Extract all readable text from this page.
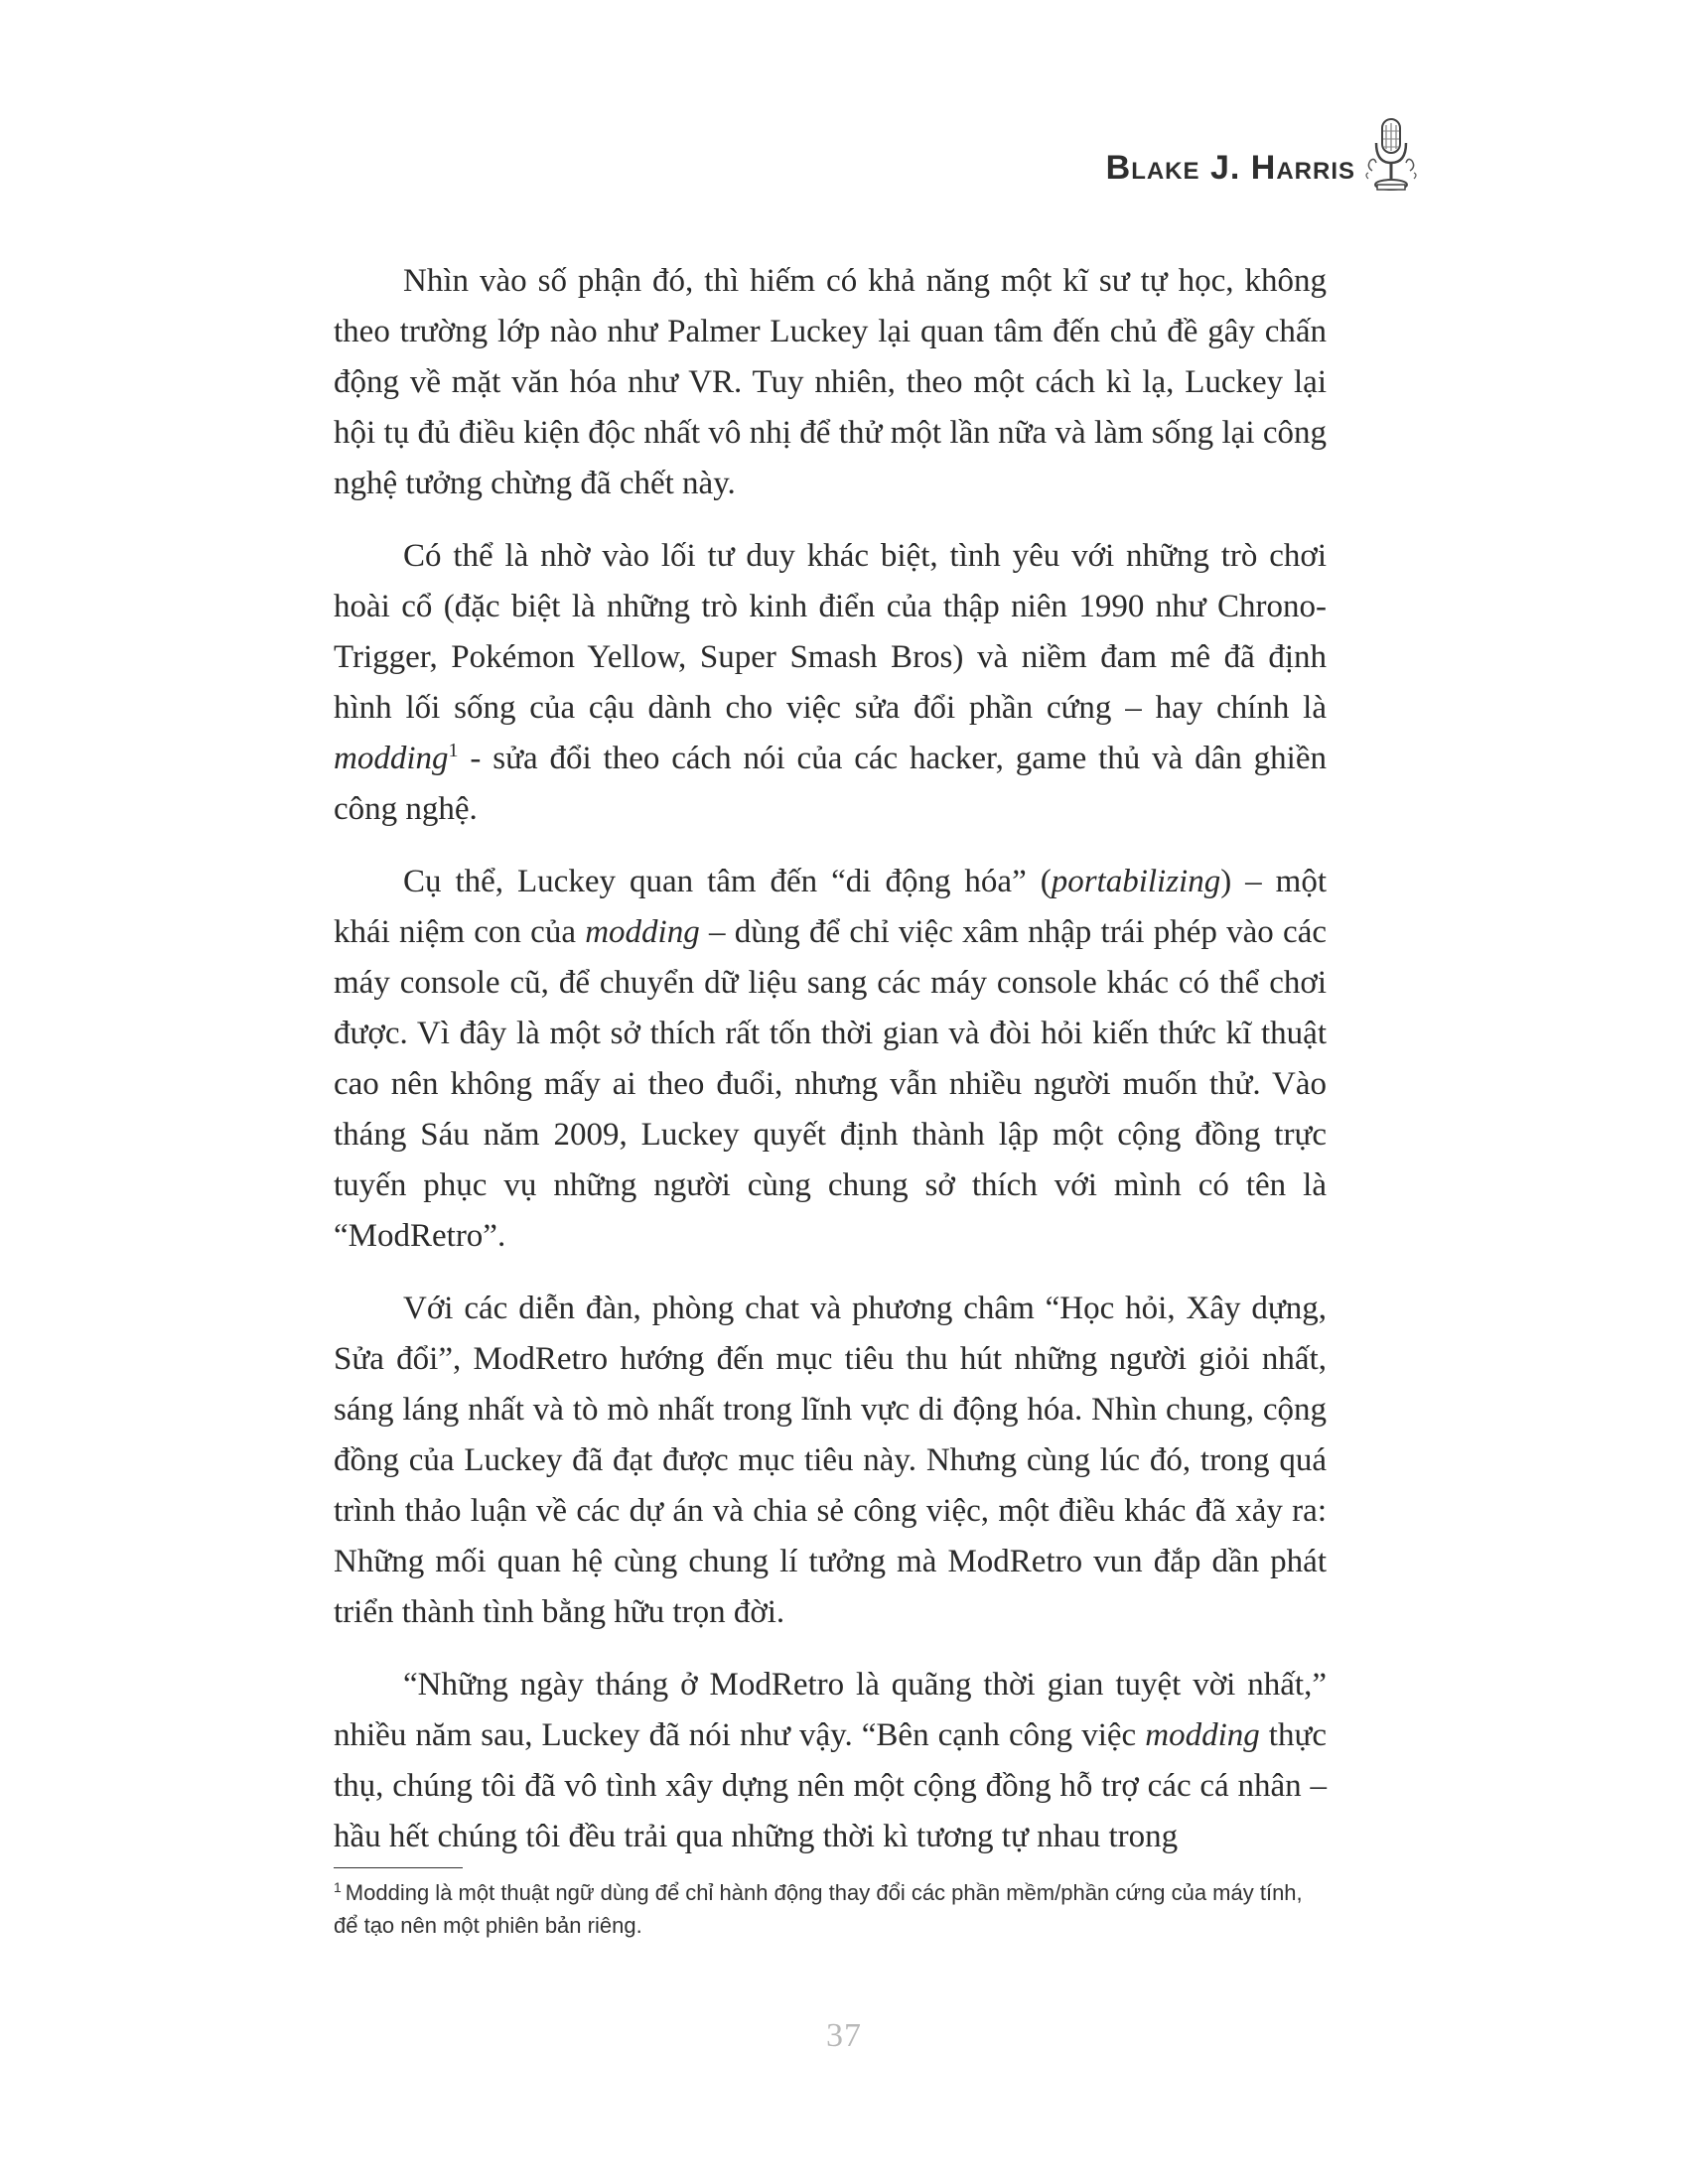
Blake J. Harris

Nhìn vào số phận đó, thì hiếm có khả năng một kĩ sư tự học, không theo trường lớp nào như Palmer Luckey lại quan tâm đến chủ đề gây chấn động về mặt văn hóa như VR. Tuy nhiên, theo một cách kì lạ, Luckey lại hội tụ đủ điều kiện độc nhất vô nhị để thử một lần nữa và làm sống lại công nghệ tưởng chừng đã chết này.

Có thể là nhờ vào lối tư duy khác biệt, tình yêu với những trò chơi hoài cổ (đặc biệt là những trò kinh điển của thập niên 1990 như Chrono-Trigger, Pokémon Yellow, Super Smash Bros) và niềm đam mê đã định hình lối sống của cậu dành cho việc sửa đổi phần cứng – hay chính là modding$^1$ - sửa đổi theo cách nói của các hacker, game thủ và dân ghiền công nghệ.

Cụ thể, Luckey quan tâm đến “di động hóa” (portabilizing) – một khái niệm con của modding – dùng để chỉ việc xâm nhập trái phép vào các máy console cũ, để chuyển dữ liệu sang các máy console khác có thể chơi được. Vì đây là một sở thích rất tốn thời gian và đòi hỏi kiến thức kĩ thuật cao nên không mấy ai theo đuổi, nhưng vẫn nhiều người muốn thử. Vào tháng Sáu năm 2009, Luckey quyết định thành lập một cộng đồng trực tuyến phục vụ những người cùng chung sở thích với mình có tên là “ModRetro”.

Với các diễn đàn, phòng chat và phương châm “Học hỏi, Xây dựng, Sửa đổi”, ModRetro hướng đến mục tiêu thu hút những người giỏi nhất, sáng láng nhất và tò mò nhất trong lĩnh vực di động hóa. Nhìn chung, cộng đồng của Luckey đã đạt được mục tiêu này. Nhưng cùng lúc đó, trong quá trình thảo luận về các dự án và chia sẻ công việc, một điều khác đã xảy ra: Những mối quan hệ cùng chung lí tưởng mà ModRetro vun đắp dần phát triển thành tình bằng hữu trọn đời.

“Những ngày tháng ở ModRetro là quãng thời gian tuyệt vời nhất,” nhiều năm sau, Luckey đã nói như vậy. “Bên cạnh công việc modding thực thụ, chúng tôi đã vô tình xây dựng nên một cộng đồng hỗ trợ các cá nhân – hầu hết chúng tôi đều trải qua những thời kì tương tự nhau trong

$^1$ Modding là một thuật ngữ dùng để chỉ hành động thay đổi các phần mềm/phần cứng của máy tính, để tạo nên một phiên bản riêng.
37
